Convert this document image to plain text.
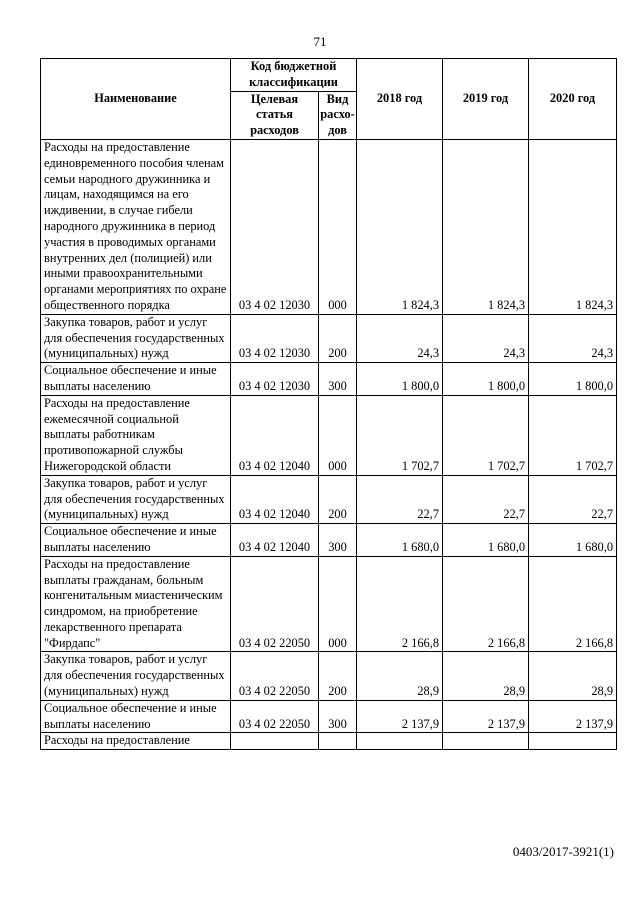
71
Наименование	Код бюджетной классификации		2018 год	2019 год	2020 год
	Целевая статья расходов	Вид расхо-дов			
Расходы на предоставление единовременного пособия членам семьи народного дружинника и лицам, находящимся на его иждивении, в случае гибели народного дружинника в период участия в проводимых органами внутренних дел (полицией) или иными правоохранительными органами мероприятиях по охране общественного порядка	03 4 02 12030	000	1 824,3	1 824,3	1 824,3
Закупка товаров, работ и услуг для обеспечения государственных (муниципальных) нужд	03 4 02 12030	200	24,3	24,3	24,3
Социальное обеспечение и иные выплаты населению	03 4 02 12030	300	1 800,0	1 800,0	1 800,0
Расходы на предоставление ежемесячной социальной выплаты работникам противопожарной службы Нижегородской области	03 4 02 12040	000	1 702,7	1 702,7	1 702,7
Закупка товаров, работ и услуг для обеспечения государственных (муниципальных) нужд	03 4 02 12040	200	22,7	22,7	22,7
Социальное обеспечение и иные выплаты населению	03 4 02 12040	300	1 680,0	1 680,0	1 680,0
Расходы на предоставление выплаты гражданам, больным конгенитальным миастеническим синдромом, на приобретение лекарственного препарата "Фирдапс"	03 4 02 22050	000	2 166,8	2 166,8	2 166,8
Закупка товаров, работ и услуг для обеспечения государственных (муниципальных) нужд	03 4 02 22050	200	28,9	28,9	28,9
Социальное обеспечение и иные выплаты населению	03 4 02 22050	300	2 137,9	2 137,9	2 137,9
Расходы на предоставление					
0403/2017-3921(1)
